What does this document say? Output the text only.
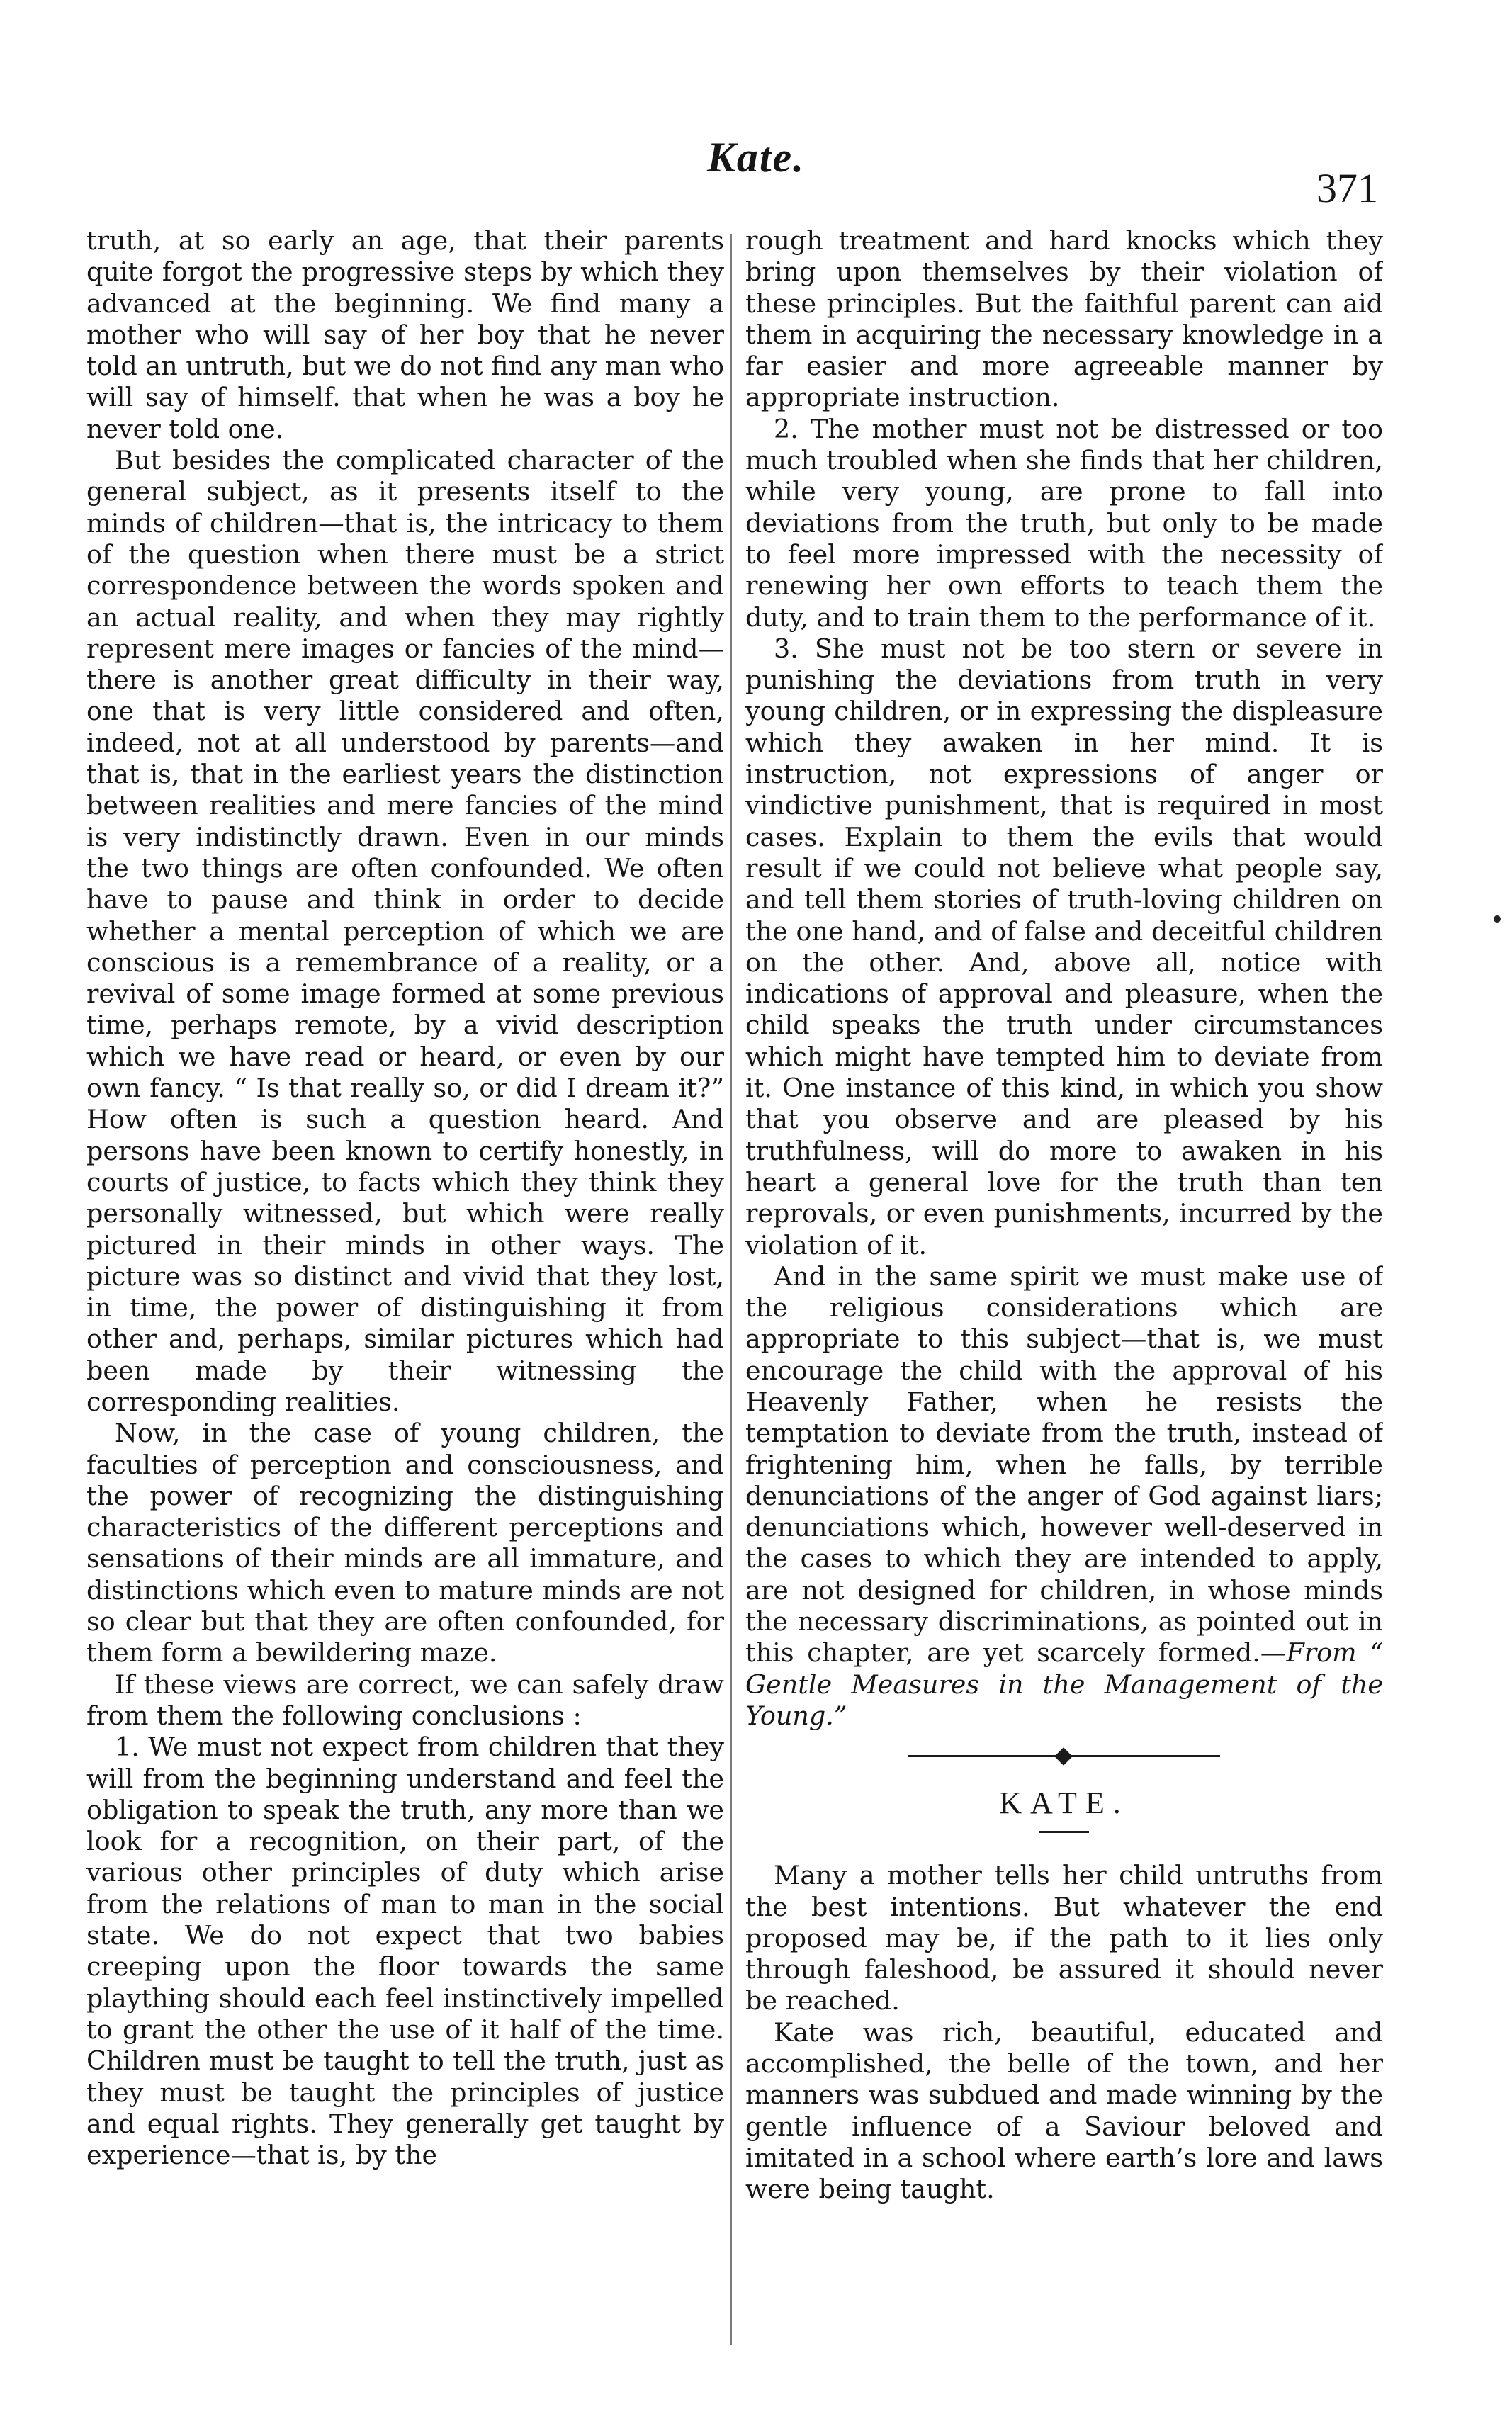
Kate.
371

truth, at so early an age, that their parents quite forgot the progressive steps by which they advanced at the beginning. We find many a mother who will say of her boy that he never told an untruth, but we do not find any man who will say of himself. that when he was a boy he never told one.

But besides the complicated character of the general subject, as it presents itself to the minds of children—that is, the intricacy to them of the question when there must be a strict correspondence between the words spoken and an actual reality, and when they may rightly represent mere images or fancies of the mind—there is another great difficulty in their way, one that is very little considered and often, indeed, not at all understood by parents—and that is, that in the earliest years the distinction between realities and mere fancies of the mind is very indistinctly drawn. Even in our minds the two things are often confounded. We often have to pause and think in order to decide whether a mental perception of which we are conscious is a remembrance of a reality, or a revival of some image formed at some previous time, perhaps remote, by a vivid description which we have read or heard, or even by our own fancy. “ Is that really so, or did I dream it?” How often is such a question heard. And persons have been known to certify honestly, in courts of justice, to facts which they think they personally witnessed, but which were really pictured in their minds in other ways. The picture was so distinct and vivid that they lost, in time, the power of distinguishing it from other and, perhaps, similar pictures which had been made by their witnessing the corresponding realities.

Now, in the case of young children, the faculties of perception and consciousness, and the power of recognizing the distinguishing characteristics of the different perceptions and sensations of their minds are all immature, and distinctions which even to mature minds are not so clear but that they are often confounded, for them form a bewildering maze.

If these views are correct, we can safely draw from them the following conclusions :

1. We must not expect from children that they will from the beginning understand and feel the obligation to speak the truth, any more than we look for a recognition, on their part, of the various other principles of duty which arise from the relations of man to man in the social state. We do not expect that two babies creeping upon the floor towards the same plaything should each feel instinctively impelled to grant the other the use of it half of the time. Children must be taught to tell the truth, just as they must be taught the principles of justice and equal rights. They generally get taught by experience—that is, by the

rough treatment and hard knocks which they bring upon themselves by their violation of these principles. But the faithful parent can aid them in acquiring the necessary knowledge in a far easier and more agreeable manner by appropriate instruction.

2. The mother must not be distressed or too much troubled when she finds that her children, while very young, are prone to fall into deviations from the truth, but only to be made to feel more impressed with the necessity of renewing her own efforts to teach them the duty, and to train them to the performance of it.

3. She must not be too stern or severe in punishing the deviations from truth in very young children, or in expressing the displeasure which they awaken in her mind. It is instruction, not expressions of anger or vindictive punishment, that is required in most cases. Explain to them the evils that would result if we could not believe what people say, and tell them stories of truth-loving children on the one hand, and of false and deceitful children on the other. And, above all, notice with indications of approval and pleasure, when the child speaks the truth under circumstances which might have tempted him to deviate from it. One instance of this kind, in which you show that you observe and are pleased by his truthfulness, will do more to awaken in his heart a general love for the truth than ten reprovals, or even punishments, incurred by the violation of it.

And in the same spirit we must make use of the religious considerations which are appropriate to this subject—that is, we must encourage the child with the approval of his Heavenly Father, when he resists the temptation to deviate from the truth, instead of frightening him, when he falls, by terrible denunciations of the anger of God against liars; denunciations which, however well-deserved in the cases to which they are intended to apply, are not designed for children, in whose minds the necessary discriminations, as pointed out in this chapter, are yet scarcely formed.—From “ Gentle Measures in the Management of the Young.”

KATE.

Many a mother tells her child untruths from the best intentions. But whatever the end proposed may be, if the path to it lies only through faleshood, be assured it should never be reached.

Kate was rich, beautiful, educated and accomplished, the belle of the town, and her manners was subdued and made winning by the gentle influence of a Saviour beloved and imitated in a school where earth’s lore and laws were being taught.
